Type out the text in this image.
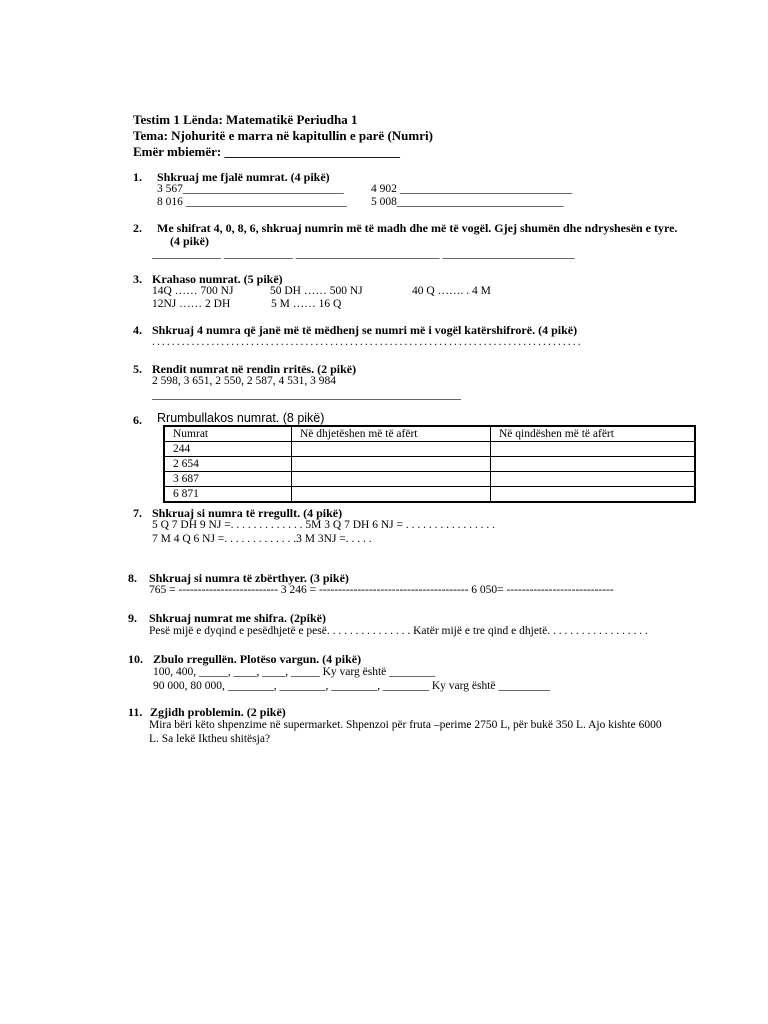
Testim 1 Lënda: Matematikë Periudha 1
Tema: Njohuritë e marra në kapitullin e parë (Numri)
Emër mbiemër: ___________________________
1. Shkruaj me fjalë numrat. (4 pikë)
3 567____________________________ 4 902 ______________________________
8 016 ____________________________ 5 008_____________________________
2. Me shifrat 4, 0, 8, 6, shkruaj numrin më të madh dhe më të vogël. Gjej shumën dhe ndryshesën e tyre.
(4 pikë)
____________ ____________ _________________________ _______________________
3. Krahaso numrat. (5 pikë)
14Q …… 700 NJ	50 DH …… 500 NJ	40 Q ……. . 4 M
12NJ …… 2 DH	5 M …… 16 Q
4. Shkruaj 4 numra që janë më të mëdhenj se numri më i vogël katërshifrorë. (4 pikë)
. . . . . . . . . . . . . . . . . . . . . . . . . . . . . . . . . . . . . . . . . . . . . . . . . . . . . . . . . . . . . . . . . . . . . . . . . . . . . . . . . . . . . . .
5. Rendit numrat në rendin rritës. (2 pikë)
2 598, 3 651, 2 550, 2 587, 4 531, 3 984
6. Rrumbullakos numrat. (8 pikë)
Numrat	Në dhjetëshen më të afërt	Në qindëshen më të afërt
244		
2 654		
3 687		
6 871		
7. Shkruaj si numra të rregullt. (4 pikë)
5 Q 7 DH 9 NJ =. . . . . . . . . . . . . 5M 3 Q 7 DH 6 NJ = . . . . . . . . . . . . . . . .
7 M 4 Q 6 NJ =. . . . . . . . . . . . .3 M 3NJ =. . . . .
8. Shkruaj si numra të zbërthyer. (3 pikë)
765 = -------------------------- 3 246 = --------------------------------------- 6 050= ----------------------------
9. Shkruaj numrat me shifra. (2pikë)
Pesë mijë e dyqind e pesëdhjetë e pesë. . . . . . . . . . . . . . . Katër mijë e tre qind e dhjetë. . . . . . . . . . . . . . . . . .
10. Zbulo rregullën. Plotëso vargun. (4 pikë)
100, 400, _____, ____, ____, _____ Ky varg është ________
90 000, 80 000, ________, ________, ________, ________ Ky varg është _________
11. Zgjidh problemin. (2 pikë)
Mira bëri këto shpenzime në supermarket. Shpenzoi për fruta –perime 2750 L, për bukë 350 L. Ajo kishte 6000
L. Sa lekë Iktheu shitësja?
